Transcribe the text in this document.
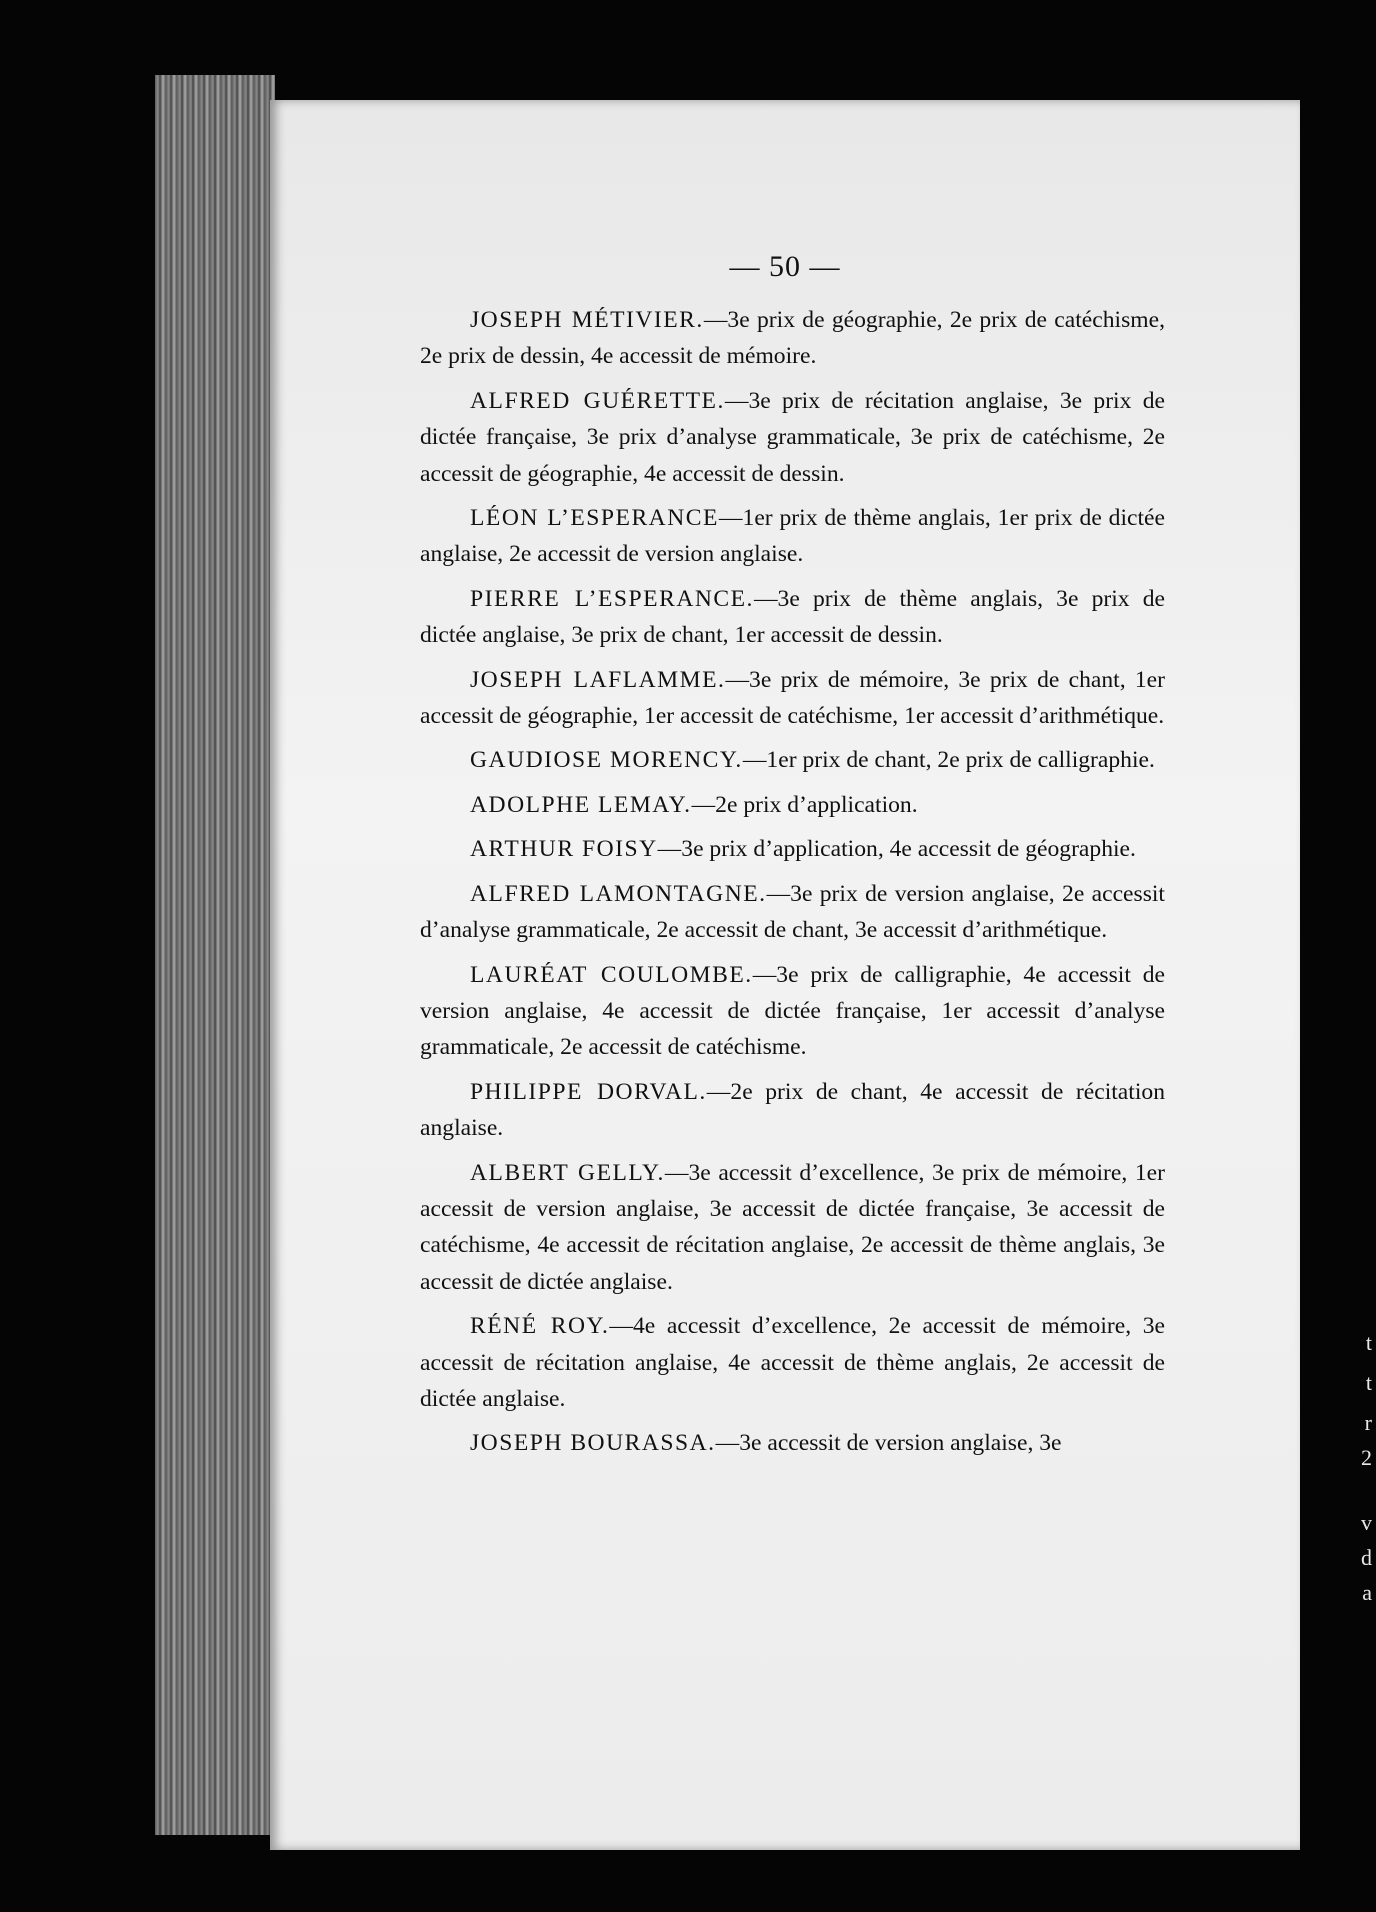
— 50 —

JOSEPH MÉTIVIER.—3e prix de géographie, 2e prix de catéchisme, 2e prix de dessin, 4e accessit de mémoire.

ALFRED GUÉRETTE.—3e prix de récitation anglaise, 3e prix de dictée française, 3e prix d’analyse grammaticale, 3e prix de catéchisme, 2e accessit de géographie, 4e accessit de dessin.

LÉON L’ESPERANCE—1er prix de thème anglais, 1er prix de dictée anglaise, 2e accessit de version anglaise.

PIERRE L’ESPERANCE.—3e prix de thème anglais, 3e prix de dictée anglaise, 3e prix de chant, 1er accessit de dessin.

JOSEPH LAFLAMME.—3e prix de mémoire, 3e prix de chant, 1er accessit de géographie, 1er accessit de catéchisme, 1er accessit d’arithmétique.

GAUDIOSE MORENCY.—1er prix de chant, 2e prix de calligraphie.

ADOLPHE LEMAY.—2e prix d’application.

ARTHUR FOISY—3e prix d’application, 4e accessit de géographie.

ALFRED LAMONTAGNE.—3e prix de version anglaise, 2e accessit d’analyse grammaticale, 2e accessit de chant, 3e accessit d’arithmétique.

LAURÉAT COULOMBE.—3e prix de calligraphie, 4e accessit de version anglaise, 4e accessit de dictée française, 1er accessit d’analyse grammaticale, 2e accessit de catéchisme.

PHILIPPE DORVAL.—2e prix de chant, 4e accessit de récitation anglaise.

ALBERT GELLY.—3e accessit d’excellence, 3e prix de mémoire, 1er accessit de version anglaise, 3e accessit de dictée française, 3e accessit de catéchisme, 4e accessit de récitation anglaise, 2e accessit de thème anglais, 3e accessit de dictée anglaise.

RÉNÉ ROY.—4e accessit d’excellence, 2e accessit de mémoire, 3e accessit de récitation anglaise, 4e accessit de thème anglais, 2e accessit de dictée anglaise.

JOSEPH BOURASSA.—3e accessit de version anglaise, 3e

t
t
r
2
v
d
a
